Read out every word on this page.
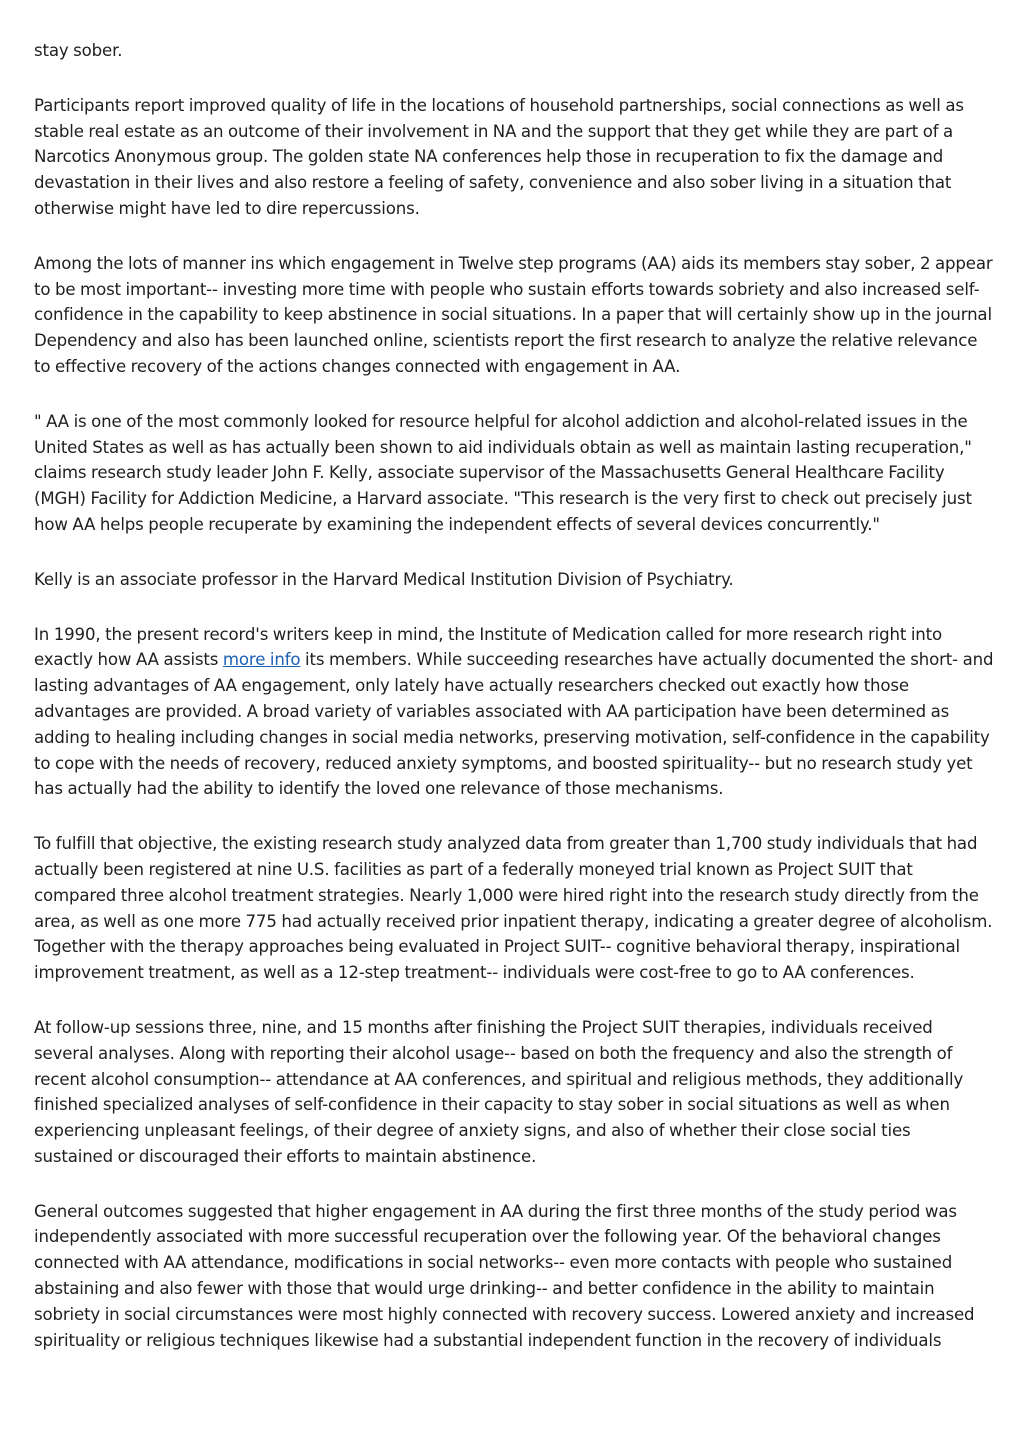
stay sober.

Participants report improved quality of life in the locations of household partnerships, social connections as well as stable real estate as an outcome of their involvement in NA and the support that they get while they are part of a Narcotics Anonymous group. The golden state NA conferences help those in recuperation to fix the damage and devastation in their lives and also restore a feeling of safety, convenience and also sober living in a situation that otherwise might have led to dire repercussions.

Among the lots of manner ins which engagement in Twelve step programs (AA) aids its members stay sober, 2 appear to be most important-- investing more time with people who sustain efforts towards sobriety and also increased self-confidence in the capability to keep abstinence in social situations. In a paper that will certainly show up in the journal Dependency and also has been launched online, scientists report the first research to analyze the relative relevance to effective recovery of the actions changes connected with engagement in AA.

" AA is one of the most commonly looked for resource helpful for alcohol addiction and alcohol-related issues in the United States as well as has actually been shown to aid individuals obtain as well as maintain lasting recuperation," claims research study leader John F. Kelly, associate supervisor of the Massachusetts General Healthcare Facility (MGH) Facility for Addiction Medicine, a Harvard associate. "This research is the very first to check out precisely just how AA helps people recuperate by examining the independent effects of several devices concurrently."

Kelly is an associate professor in the Harvard Medical Institution Division of Psychiatry.

In 1990, the present record's writers keep in mind, the Institute of Medication called for more research right into exactly how AA assists more info its members. While succeeding researches have actually documented the short- and lasting advantages of AA engagement, only lately have actually researchers checked out exactly how those advantages are provided. A broad variety of variables associated with AA participation have been determined as adding to healing including changes in social media networks, preserving motivation, self-confidence in the capability to cope with the needs of recovery, reduced anxiety symptoms, and boosted spirituality-- but no research study yet has actually had the ability to identify the loved one relevance of those mechanisms.

To fulfill that objective, the existing research study analyzed data from greater than 1,700 study individuals that had actually been registered at nine U.S. facilities as part of a federally moneyed trial known as Project SUIT that compared three alcohol treatment strategies. Nearly 1,000 were hired right into the research study directly from the area, as well as one more 775 had actually received prior inpatient therapy, indicating a greater degree of alcoholism. Together with the therapy approaches being evaluated in Project SUIT-- cognitive behavioral therapy, inspirational improvement treatment, as well as a 12-step treatment-- individuals were cost-free to go to AA conferences.

At follow-up sessions three, nine, and 15 months after finishing the Project SUIT therapies, individuals received several analyses. Along with reporting their alcohol usage-- based on both the frequency and also the strength of recent alcohol consumption-- attendance at AA conferences, and spiritual and religious methods, they additionally finished specialized analyses of self-confidence in their capacity to stay sober in social situations as well as when experiencing unpleasant feelings, of their degree of anxiety signs, and also of whether their close social ties sustained or discouraged their efforts to maintain abstinence.

General outcomes suggested that higher engagement in AA during the first three months of the study period was independently associated with more successful recuperation over the following year. Of the behavioral changes connected with AA attendance, modifications in social networks-- even more contacts with people who sustained abstaining and also fewer with those that would urge drinking-- and better confidence in the ability to maintain sobriety in social circumstances were most highly connected with recovery success. Lowered anxiety and increased spirituality or religious techniques likewise had a substantial independent function in the recovery of individuals
